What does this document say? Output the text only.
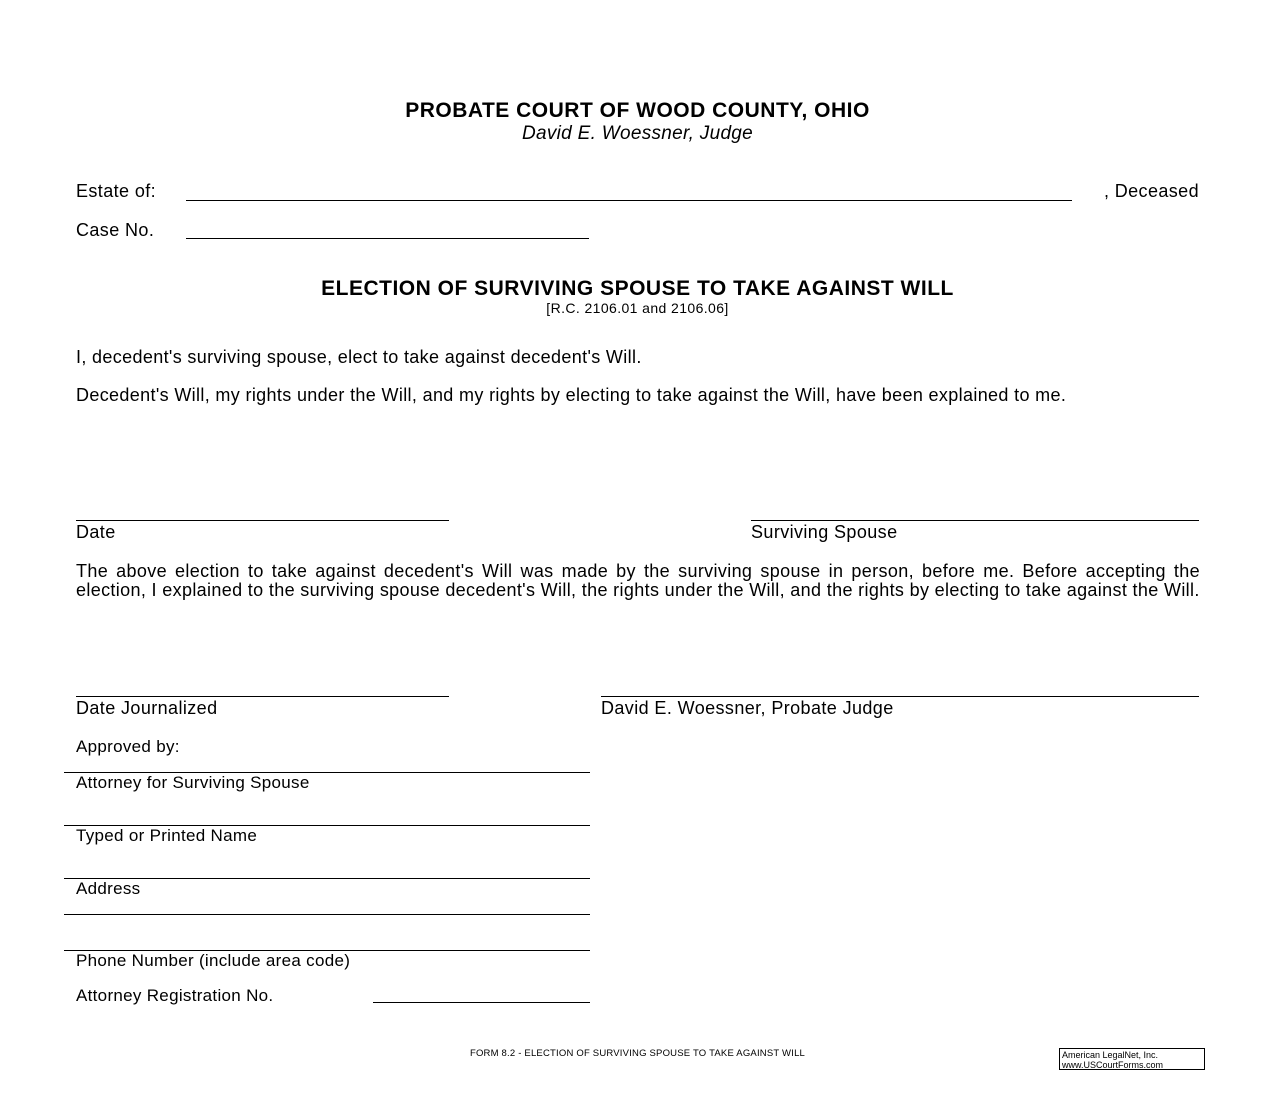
PROBATE COURT OF WOOD COUNTY, OHIO
David E. Woessner, Judge
Estate of:	, Deceased
Case No.
ELECTION OF SURVIVING SPOUSE TO TAKE AGAINST WILL
[R.C. 2106.01 and 2106.06]
I, decedent's surviving spouse, elect to take against decedent's Will.
Decedent's Will, my rights under the Will, and my rights by electing to take against the Will, have been explained to me.
Date	Surviving Spouse
The above election to take against decedent's Will was made by the surviving spouse in person, before me. Before accepting the election, I explained to the surviving spouse decedent's Will, the rights under the Will, and the rights by electing to take against the Will.
Date Journalized	David E. Woessner, Probate Judge
Approved by:
Attorney for Surviving Spouse
Typed or Printed Name
Address
Phone Number (include area code)
Attorney Registration No.
FORM 8.2 - ELECTION OF SURVIVING SPOUSE TO TAKE AGAINST WILL	American LegalNet, Inc.
www.USCourtForms.com
